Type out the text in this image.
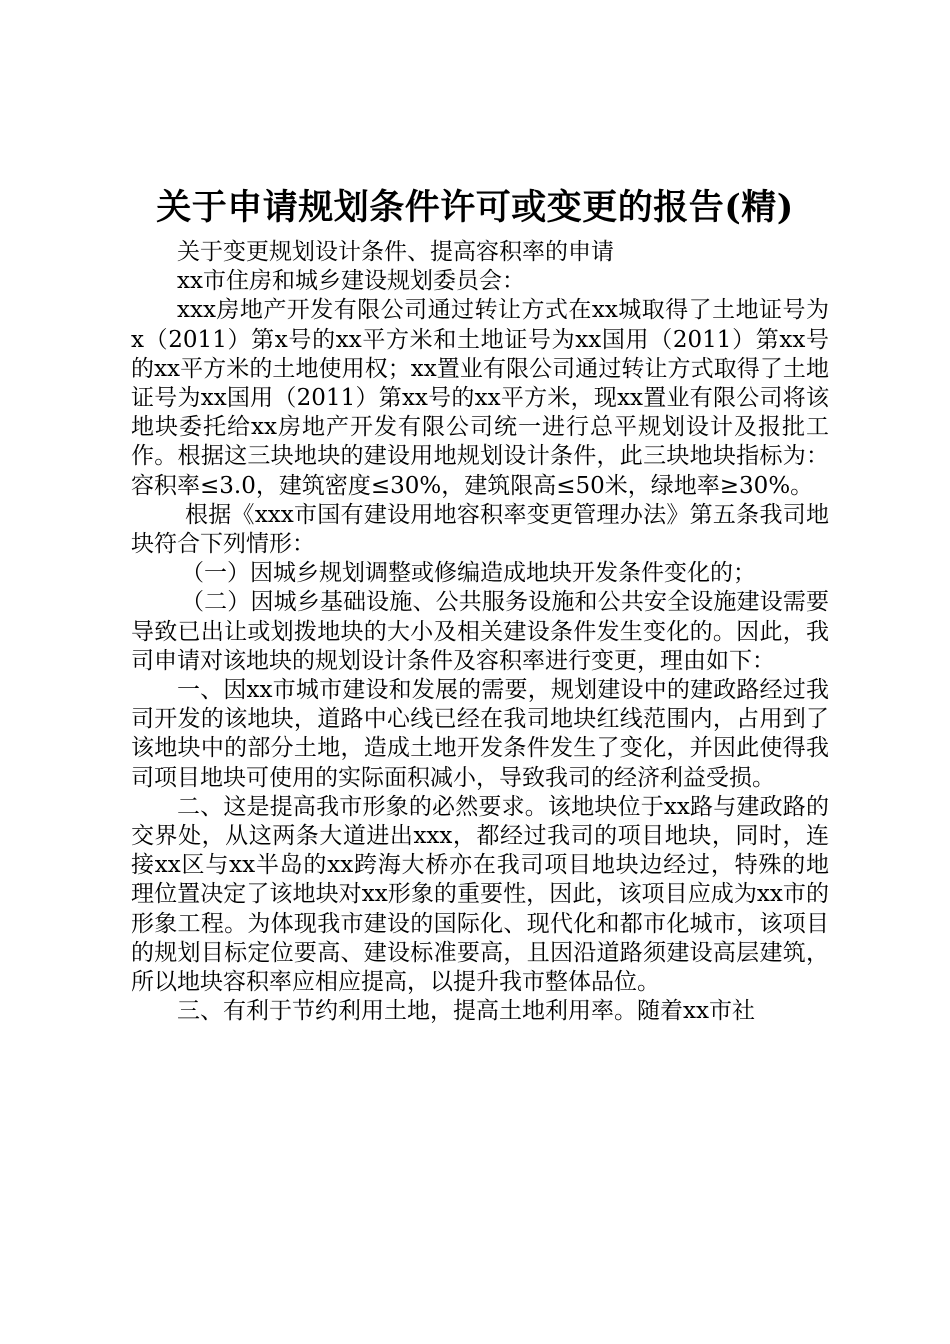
关于申请规划条件许可或变更的报告(精)

关于变更规划设计条件、提高容积率的申请

xx市住房和城乡建设规划委员会：

xxx房地产开发有限公司通过转让方式在xx城取得了土地证号为x（2011）第x号的xx平方米和土地证号为xx国用（2011）第xx号的xx平方米的土地使用权；xx置业有限公司通过转让方式取得了土地证号为xx国用（2011）第xx号的xx平方米，现xx置业有限公司将该地块委托给xx房地产开发有限公司统一进行总平规划设计及报批工作。根据这三块地块的建设用地规划设计条件，此三块地块指标为：容积率≤3.0，建筑密度≤30%，建筑限高≤50米，绿地率≥30%。

根据《xxx市国有建设用地容积率变更管理办法》第五条我司地块符合下列情形：

（一）因城乡规划调整或修编造成地块开发条件变化的；

（二）因城乡基础设施、公共服务设施和公共安全设施建设需要导致已出让或划拨地块的大小及相关建设条件发生变化的。因此，我司申请对该地块的规划设计条件及容积率进行变更，理由如下：

一、因xx市城市建设和发展的需要，规划建设中的建政路经过我司开发的该地块，道路中心线已经在我司地块红线范围内，占用到了该地块中的部分土地，造成土地开发条件发生了变化，并因此使得我司项目地块可使用的实际面积减小，导致我司的经济利益受损。

二、这是提高我市形象的必然要求。该地块位于xx路与建政路的交界处，从这两条大道进出xxx，都经过我司的项目地块，同时，连接xx区与xx半岛的xx跨海大桥亦在我司项目地块边经过，特殊的地理位置决定了该地块对xx形象的重要性，因此，该项目应成为xx市的形象工程。为体现我市建设的国际化、现代化和都市化城市，该项目的规划目标定位要高、建设标准要高，且因沿道路须建设高层建筑，所以地块容积率应相应提高，以提升我市整体品位。

三、有利于节约利用土地，提高土地利用率。随着xx市社
